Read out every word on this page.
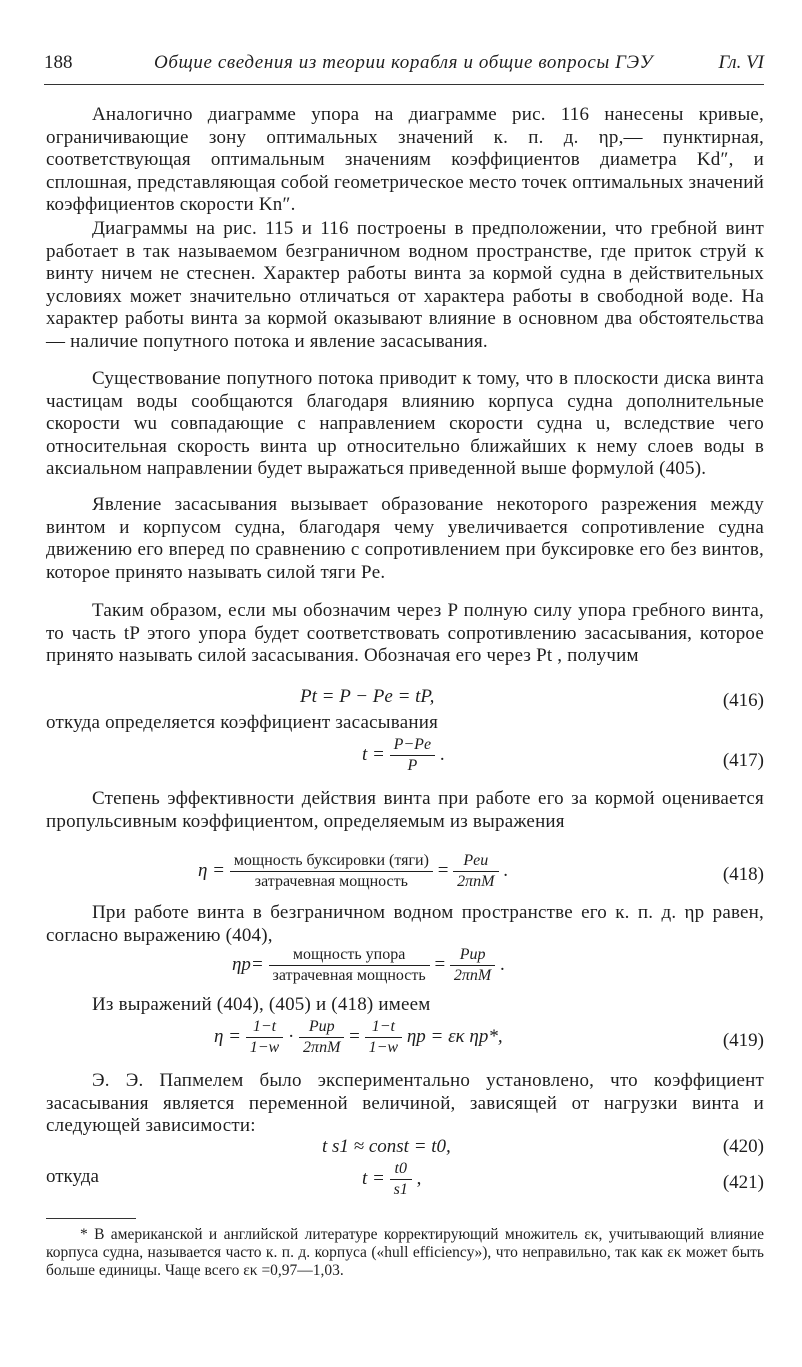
188	Общие сведения из теории корабля и общие вопросы ГЭУ	Гл. VI

Аналогично диаграмме упора на диаграмме рис. 116 нанесены кривые, ограничивающие зону оптимальных значений к. п. д. ηp,— пунктирная, соответствующая оптимальным значениям коэффициентов диаметра Kd″, и сплошная, представляющая собой геометрическое место точек оптимальных значений коэффициентов скорости Kn″.

Диаграммы на рис. 115 и 116 построены в предположении, что гребной винт работает в так называемом безграничном водном пространстве, где приток струй к винту ничем не стеснен. Характер работы винта за кормой судна в действительных условиях может значительно отличаться от характера работы в свободной воде. На характер работы винта за кормой оказывают влияние в основном два обстоятельства — наличие попутного потока и явление засасывания.

Существование попутного потока приводит к тому, что в плоскости диска винта частицам воды сообщаются благодаря влиянию корпуса судна дополнительные скорости wu совпадающие с направлением скорости судна u, вследствие чего относительная скорость винта up относительно ближайших к нему слоев воды в аксиальном направлении будет выражаться приведенной выше формулой (405).

Явление засасывания вызывает образование некоторого разрежения между винтом и корпусом судна, благодаря чему увеличивается сопротивление судна движению его вперед по сравнению с сопротивлением при буксировке его без винтов, которое принято называть силой тяги Pe.

Таким образом, если мы обозначим через P полную силу упора гребного винта, то часть tP этого упора будет соответствовать сопротивлению засасывания, которое принято называть силой засасывания. Обозначая его через Pt , получим

Pt = P − Pe = tP,	(416)

откуда определяется коэффициент засасывания

$t = \frac{P-Pe}{P}$ .	(417)

Степень эффективности действия винта при работе его за кормой оценивается пропульсивным коэффициентом, определяемым из выражения

$\eta = \frac{\text{мощность буксировки (тяги)}}{\text{затрачевная мощность}} = \frac{\text{Peu}}{\text{2πnM}}$ .	(418)

При работе винта в безграничном водном пространстве его к. п. д. ηp равен, согласно выражению (404),

$\eta p= \frac{\text{мощность упора}}{\text{затрачевная мощность}} = \frac{\text{Pup}}{\text{2πnM}}$ .

Из выражений (404), (405) и (418) имеем

$\eta = \frac{1-t}{1-w} \cdot \frac{\text{Pup}}{\text{2πnM}} = \frac{1-t}{1-w}$ ηp = εκ ηp*,	(419)

Э. Э. Папмелем было экспериментально установлено, что коэффициент засасывания является переменной величиной, зависящей от нагрузки винта и следующей зависимости:

t s1 ≈ const = t0,	(420)
откуда	$t = \frac{t0}{s1}$ ,	(421)

* В американской и английской литературе корректирующий множитель εκ, учитывающий влияние корпуса судна, называется часто к. п. д. корпуса («hull efficiency»), что неправильно, так как εκ может быть больше единицы. Чаще всего εκ =0,97—1,03.
